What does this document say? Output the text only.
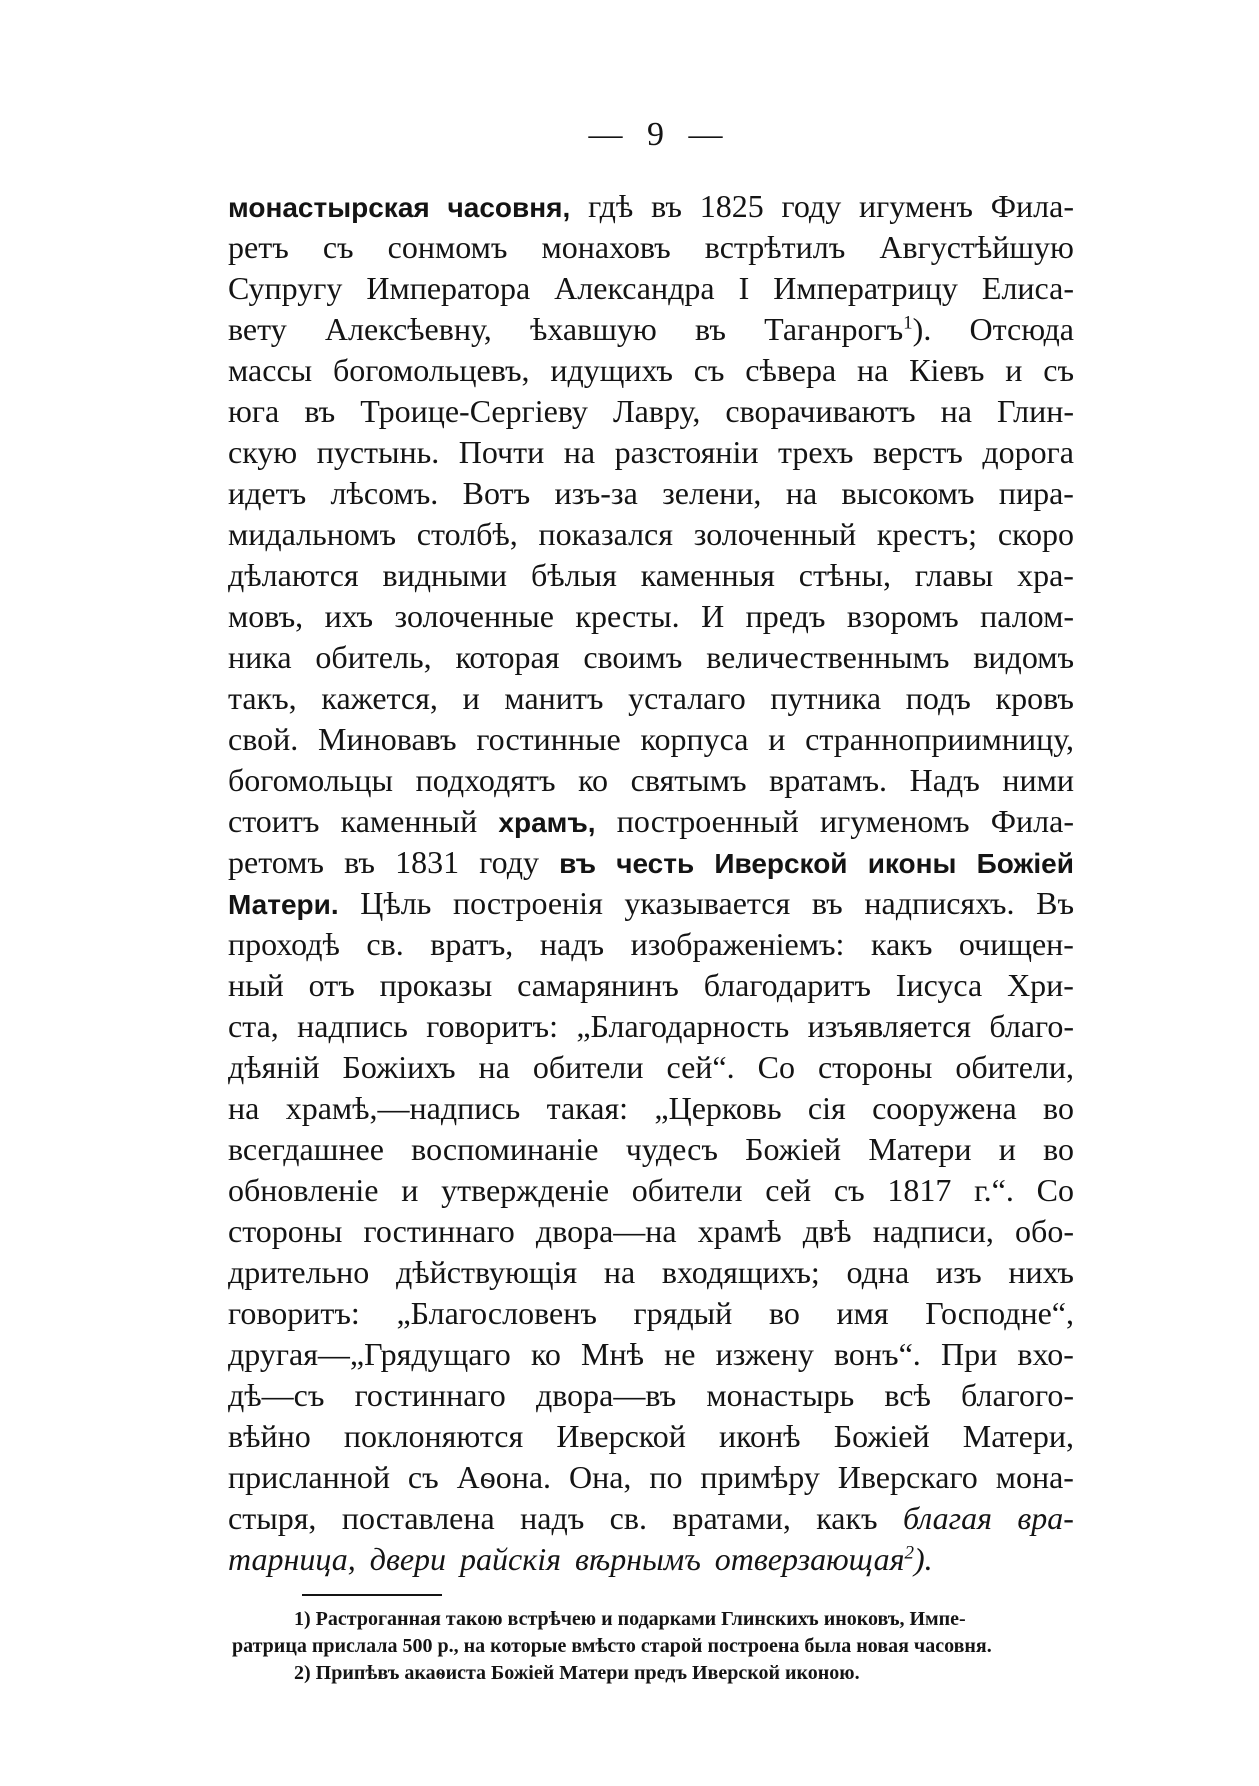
— 9 —
монастырская часовня, гдѣ въ 1825 году игуменъ Фила-
ретъ съ сонмомъ монаховъ встрѣтилъ Августѣйшую
Супругу Императора Александра I Императрицу Елиса-
вету Алексѣевну, ѣхавшую въ Таганрогъ$^1$). Отсюда
массы богомольцевъ, идущихъ съ сѣвера на Кіевъ и съ
юга въ Троице-Сергіеву Лавру, сворачиваютъ на Глин-
скую пустынь. Почти на разстояніи трехъ верстъ дорога
идетъ лѣсомъ. Вотъ изъ-за зелени, на высокомъ пира-
мидальномъ столбѣ, показался золоченный крестъ; скоро
дѣлаются видными бѣлыя каменныя стѣны, главы хра-
мовъ, ихъ золоченные кресты. И предъ взоромъ палом-
ника обитель, которая своимъ величественнымъ видомъ
такъ, кажется, и манитъ усталаго путника подъ кровъ
свой. Миновавъ гостинные корпуса и странноприимницу,
богомольцы подходятъ ко святымъ вратамъ. Надъ ними
стоитъ каменный храмъ, построенный игуменомъ Фила-
ретомъ въ 1831 году въ честь Иверской иконы Божіей
Матери. Цѣль построенія указывается въ надписяхъ. Въ
проходѣ св. вратъ, надъ изображеніемъ: какъ очищен-
ный отъ проказы самарянинъ благодаритъ Іисуса Хри-
ста, надпись говоритъ: „Благодарность изъявляется благо-
дѣяній Божіихъ на обители сей“. Со стороны обители,
на храмѣ,—надпись такая: „Церковь сія сооружена во
всегдашнее воспоминаніе чудесъ Божіей Матери и во
обновленіе и утвержденіе обители сей съ 1817 г.“. Со
стороны гостиннаго двора—на храмѣ двѣ надписи, обо-
дрительно дѣйствующія на входящихъ; одна изъ нихъ
говоритъ: „Благословенъ грядый во имя Господне“,
другая—„Грядущаго ко Мнѣ не изжену вонъ“. При вхо-
дѣ—съ гостиннаго двора—въ монастырь всѣ благого-
вѣйно поклоняются Иверской иконѣ Божіей Матери,
присланной съ Аѳона. Она, по примѣру Иверскаго мона-
стыря, поставлена надъ св. вратами, какъ благая вра-
тарница, двери райскія вѣрнымъ отверзающая$^2$).
1) Растроганная такою встрѣчею и подарками Глинскихъ иноковъ, Импе-
ратрица прислала 500 р., на которые вмѣсто старой построена была новая часовня.
2) Припѣвъ акаѳиста Божіей Матери предъ Иверской иконою.
